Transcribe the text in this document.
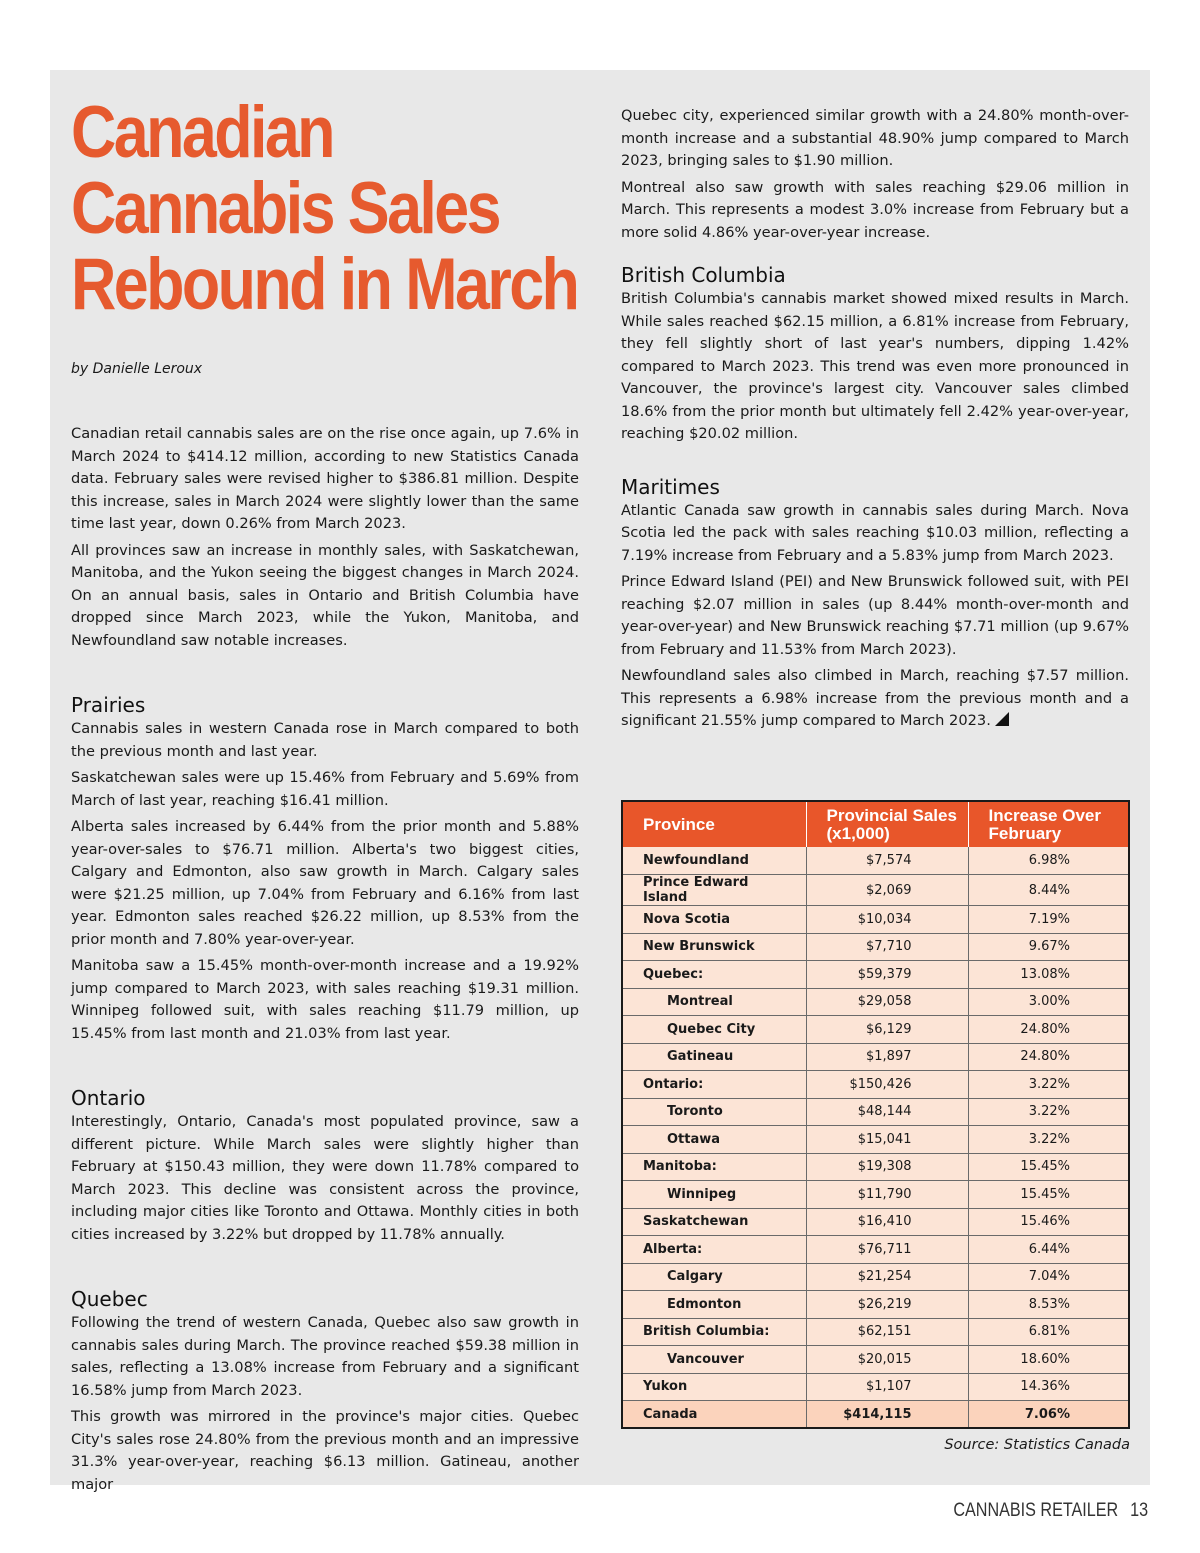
Canadian
Cannabis Sales
Rebound in March
by Danielle Leroux

Canadian retail cannabis sales are on the rise once again, up 7.6% in March 2024 to $414.12 million, according to new Statistics Canada data. February sales were revised higher to $386.81 million. Despite this increase, sales in March 2024 were slightly lower than the same time last year, down 0.26% from March 2023.

All provinces saw an increase in monthly sales, with Saskatchewan, Manitoba, and the Yukon seeing the biggest changes in March 2024. On an annual basis, sales in Ontario and British Columbia have dropped since March 2023, while the Yukon, Manitoba, and Newfoundland saw notable increases.

Prairies

Cannabis sales in western Canada rose in March compared to both the previous month and last year.

Saskatchewan sales were up 15.46% from February and 5.69% from March of last year, reaching $16.41 million.

Alberta sales increased by 6.44% from the prior month and 5.88% year-over-sales to $76.71 million. Alberta's two biggest cities, Calgary and Edmonton, also saw growth in March. Calgary sales were $21.25 million, up 7.04% from February and 6.16% from last year. Edmonton sales reached $26.22 million, up 8.53% from the prior month and 7.80% year-over-year.

Manitoba saw a 15.45% month-over-month increase and a 19.92% jump compared to March 2023, with sales reaching $19.31 million. Winnipeg followed suit, with sales reaching $11.79 million, up 15.45% from last month and 21.03% from last year.

Ontario

Interestingly, Ontario, Canada's most populated province, saw a different picture. While March sales were slightly higher than February at $150.43 million, they were down 11.78% compared to March 2023. This decline was consistent across the province, including major cities like Toronto and Ottawa. Monthly cities in both cities increased by 3.22% but dropped by 11.78% annually.

Quebec

Following the trend of western Canada, Quebec also saw growth in cannabis sales during March. The province reached $59.38 million in sales, reflecting a 13.08% increase from February and a significant 16.58% jump from March 2023.

This growth was mirrored in the province's major cities. Quebec City's sales rose 24.80% from the previous month and an impressive 31.3% year-over-year, reaching $6.13 million. Gatineau, another major

Quebec city, experienced similar growth with a 24.80% month-over-month increase and a substantial 48.90% jump compared to March 2023, bringing sales to $1.90 million.

Montreal also saw growth with sales reaching $29.06 million in March. This represents a modest 3.0% increase from February but a more solid 4.86% year-over-year increase.

British Columbia

British Columbia's cannabis market showed mixed results in March. While sales reached $62.15 million, a 6.81% increase from February, they fell slightly short of last year's numbers, dipping 1.42% compared to March 2023. This trend was even more pronounced in Vancouver, the province's largest city. Vancouver sales climbed 18.6% from the prior month but ultimately fell 2.42% year-over-year, reaching $20.02 million.

Maritimes

Atlantic Canada saw growth in cannabis sales during March. Nova Scotia led the pack with sales reaching $10.03 million, reflecting a 7.19% increase from February and a 5.83% jump from March 2023.

Prince Edward Island (PEI) and New Brunswick followed suit, with PEI reaching $2.07 million in sales (up 8.44% month-over-month and year-over-year) and New Brunswick reaching $7.71 million (up 9.67% from February and 11.53% from March 2023).

Newfoundland sales also climbed in March, reaching $7.57 million. This represents a 6.98% increase from the previous month and a significant 21.55% jump compared to March 2023.

Province	Provincial Sales (x1,000)	Increase Over February
Newfoundland	$7,574	6.98%
Prince Edward Island	$2,069	8.44%
Nova Scotia	$10,034	7.19%
New Brunswick	$7,710	9.67%
Quebec:	$59,379	13.08%
Montreal	$29,058	3.00%
Quebec City	$6,129	24.80%
Gatineau	$1,897	24.80%
Ontario:	$150,426	3.22%
Toronto	$48,144	3.22%
Ottawa	$15,041	3.22%
Manitoba:	$19,308	15.45%
Winnipeg	$11,790	15.45%
Saskatchewan	$16,410	15.46%
Alberta:	$76,711	6.44%
Calgary	$21,254	7.04%
Edmonton	$26,219	8.53%
British Columbia:	$62,151	6.81%
Vancouver	$20,015	18.60%
Yukon	$1,107	14.36%
Canada	$414,115	7.06%
Source: Statistics Canada
CANNABIS RETAILER 13
